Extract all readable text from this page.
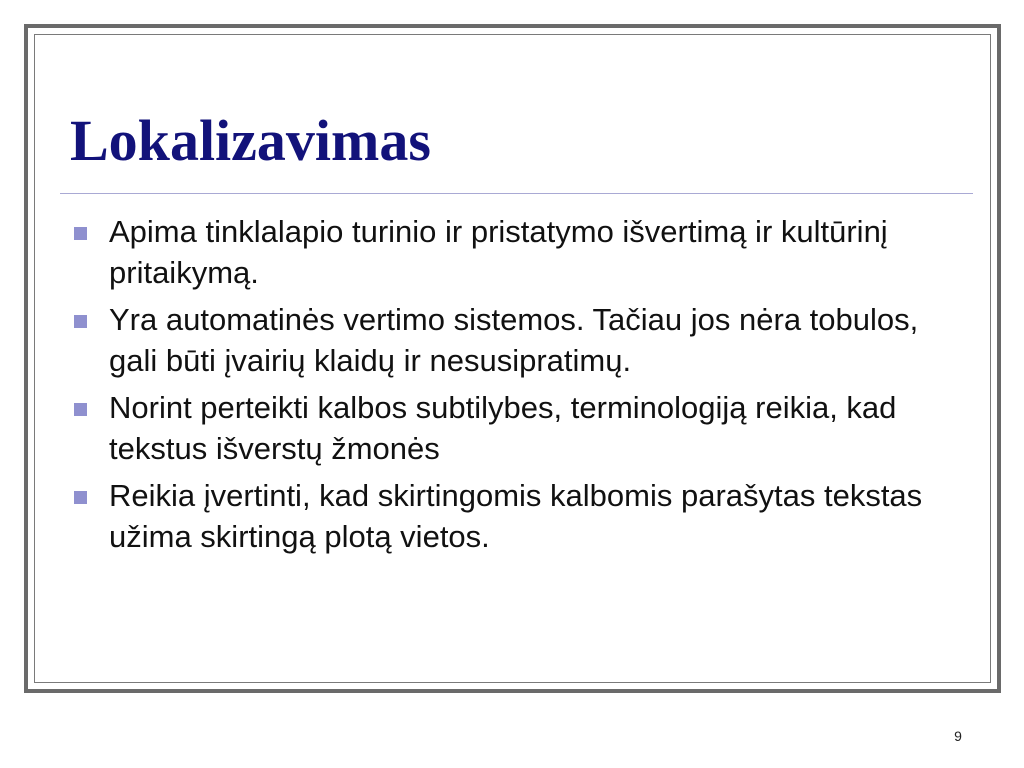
Lokalizavimas
Apima tinklalapio turinio ir pristatymo išvertimą ir kultūrinį pritaikymą.
Yra automatinės vertimo sistemos. Tačiau jos nėra tobulos, gali būti įvairių klaidų ir nesusipratimų.
Norint perteikti kalbos subtilybes, terminologiją reikia, kad tekstus išverstų žmonės
Reikia įvertinti, kad skirtingomis kalbomis parašytas tekstas užima skirtingą plotą vietos.
9
